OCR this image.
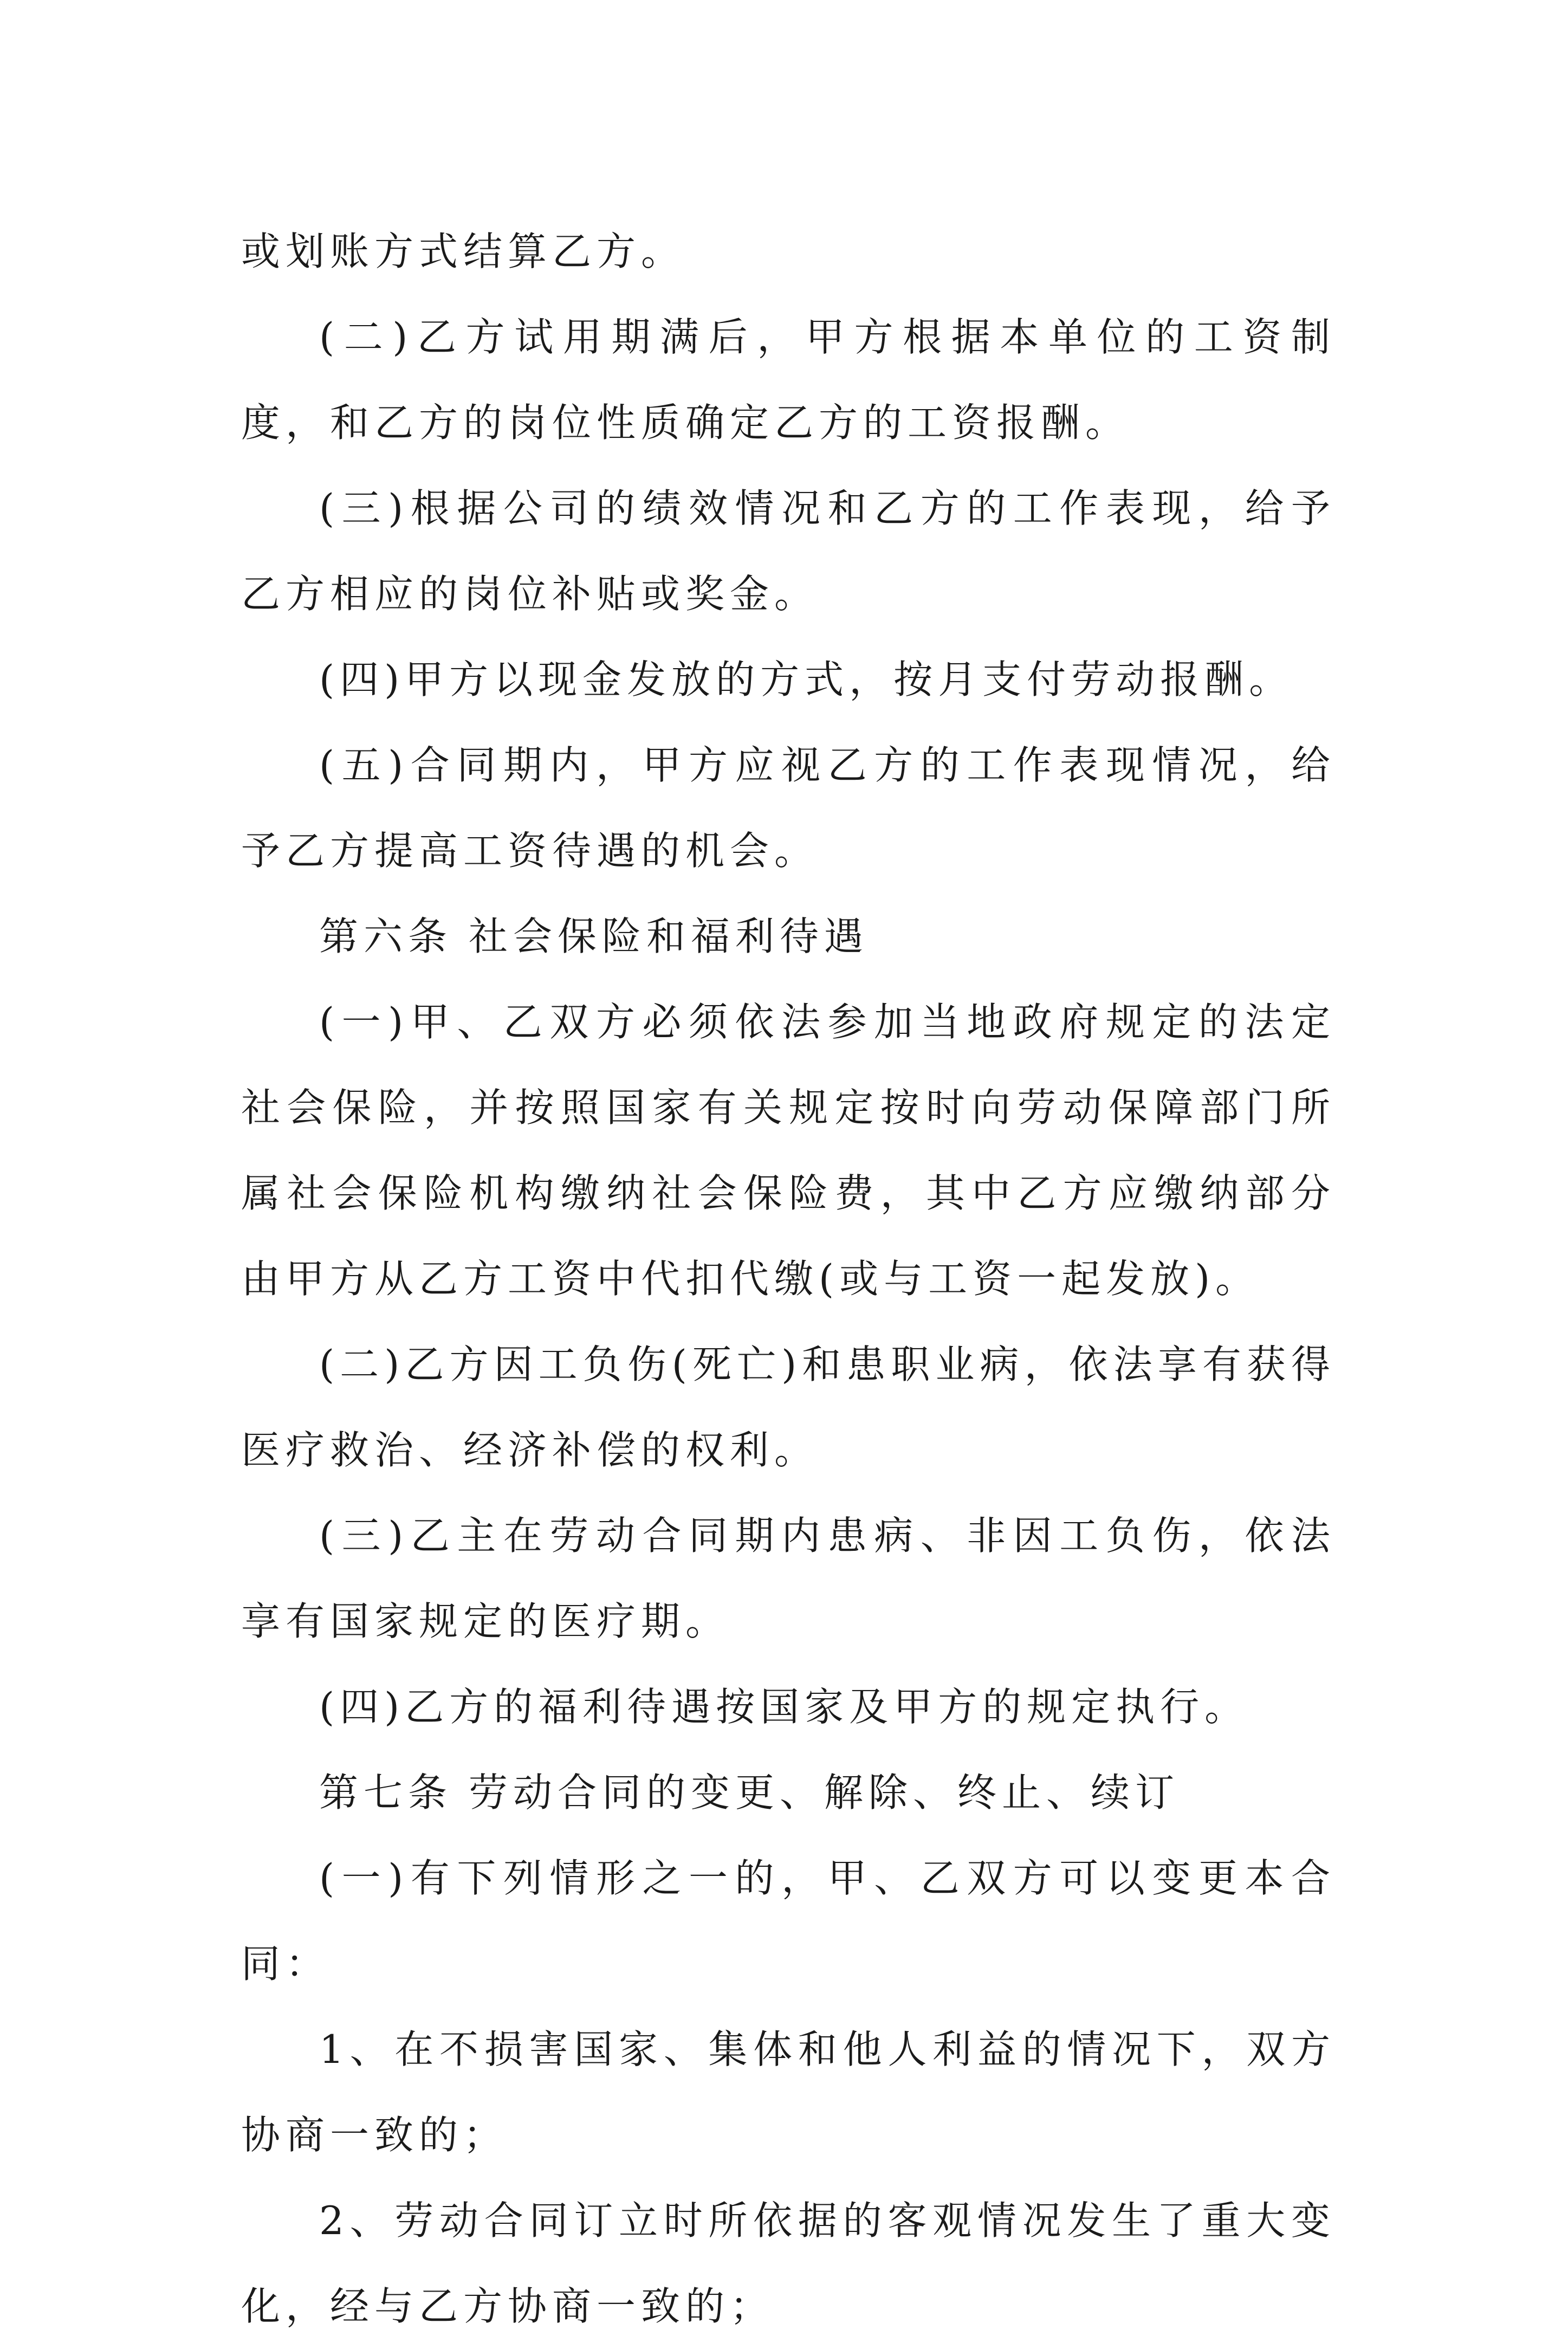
或划账方式结算乙方。

(二)乙方试用期满后，甲方根据本单位的工资制度，和乙方的岗位性质确定乙方的工资报酬。

(三)根据公司的绩效情况和乙方的工作表现，给予乙方相应的岗位补贴或奖金。

(四)甲方以现金发放的方式，按月支付劳动报酬。

(五)合同期内，甲方应视乙方的工作表现情况，给予乙方提高工资待遇的机会。

第六条 社会保险和福利待遇

(一)甲、乙双方必须依法参加当地政府规定的法定社会保险，并按照国家有关规定按时向劳动保障部门所属社会保险机构缴纳社会保险费，其中乙方应缴纳部分由甲方从乙方工资中代扣代缴(或与工资一起发放)。

(二)乙方因工负伤(死亡)和患职业病，依法享有获得医疗救治、经济补偿的权利。

(三)乙主在劳动合同期内患病、非因工负伤，依法享有国家规定的医疗期。

(四)乙方的福利待遇按国家及甲方的规定执行。

第七条 劳动合同的变更、解除、终止、续订

(一)有下列情形之一的，甲、乙双方可以变更本合同：

1、在不损害国家、集体和他人利益的情况下，双方协商一致的；

2、劳动合同订立时所依据的客观情况发生了重大变化，经与乙方协商一致的；
